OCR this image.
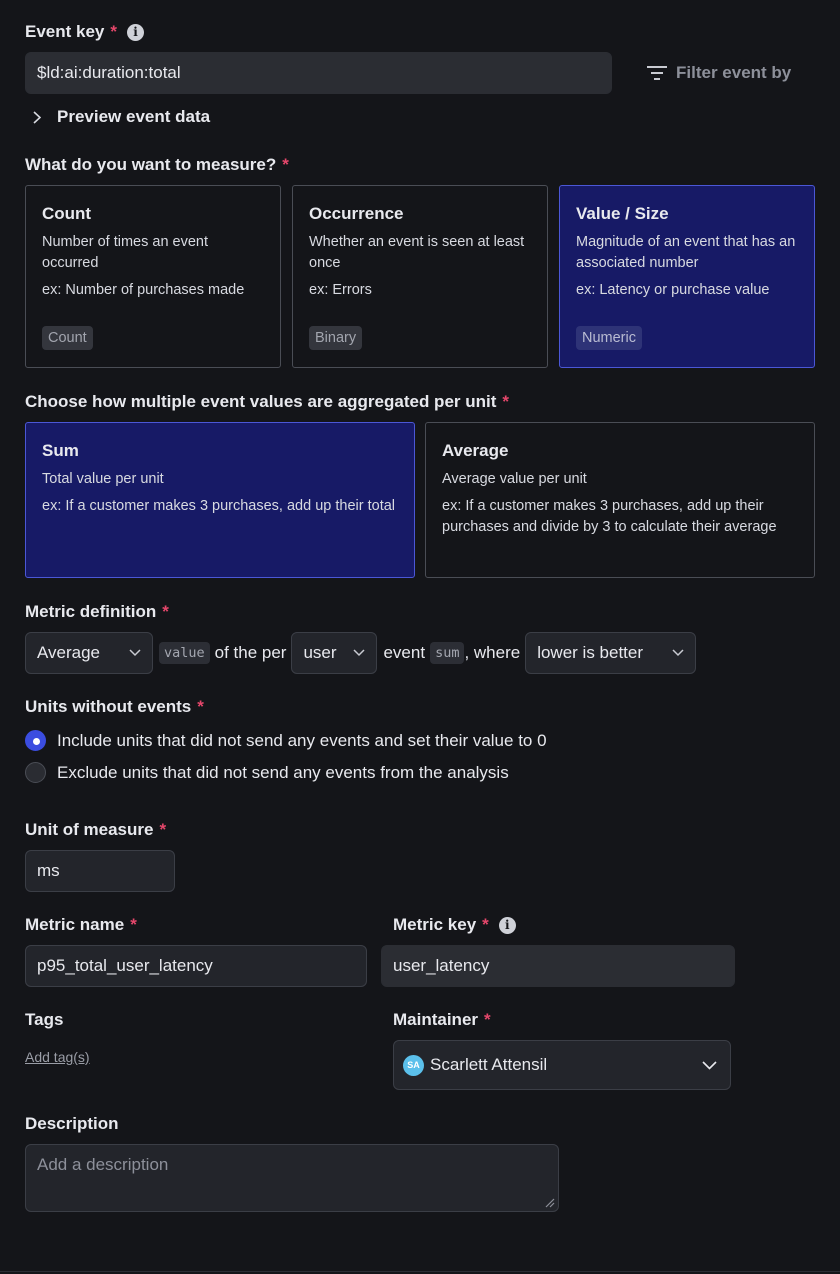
Event key * i
$ld:ai:duration:total	Filter event by
Preview event data
What do you want to measure? *
Count
Number of times an event occurred
ex: Number of purchases made
Count
Occurrence
Whether an event is seen at least once
ex: Errors
Binary
Value / Size
Magnitude of an event that has an associated number
ex: Latency or purchase value
Numeric
Choose how multiple event values are aggregated per unit *
Sum
Total value per unit
ex: If a customer makes 3 purchases, add up their total
Average
Average value per unit
ex: If a customer makes 3 purchases, add up their purchases and divide by 3 to calculate their average
Metric definition *
Average	value of the per user	event sum , where lower is better
Units without events *
Include units that did not send any events and set their value to 0
Exclude units that did not send any events from the analysis
Unit of measure *
ms
Metric name *
p95_total_user_latency
Metric key * i
user_latency
Tags
Add tag(s)
Maintainer *
SA Scarlett Attensil
Description
Add a description
